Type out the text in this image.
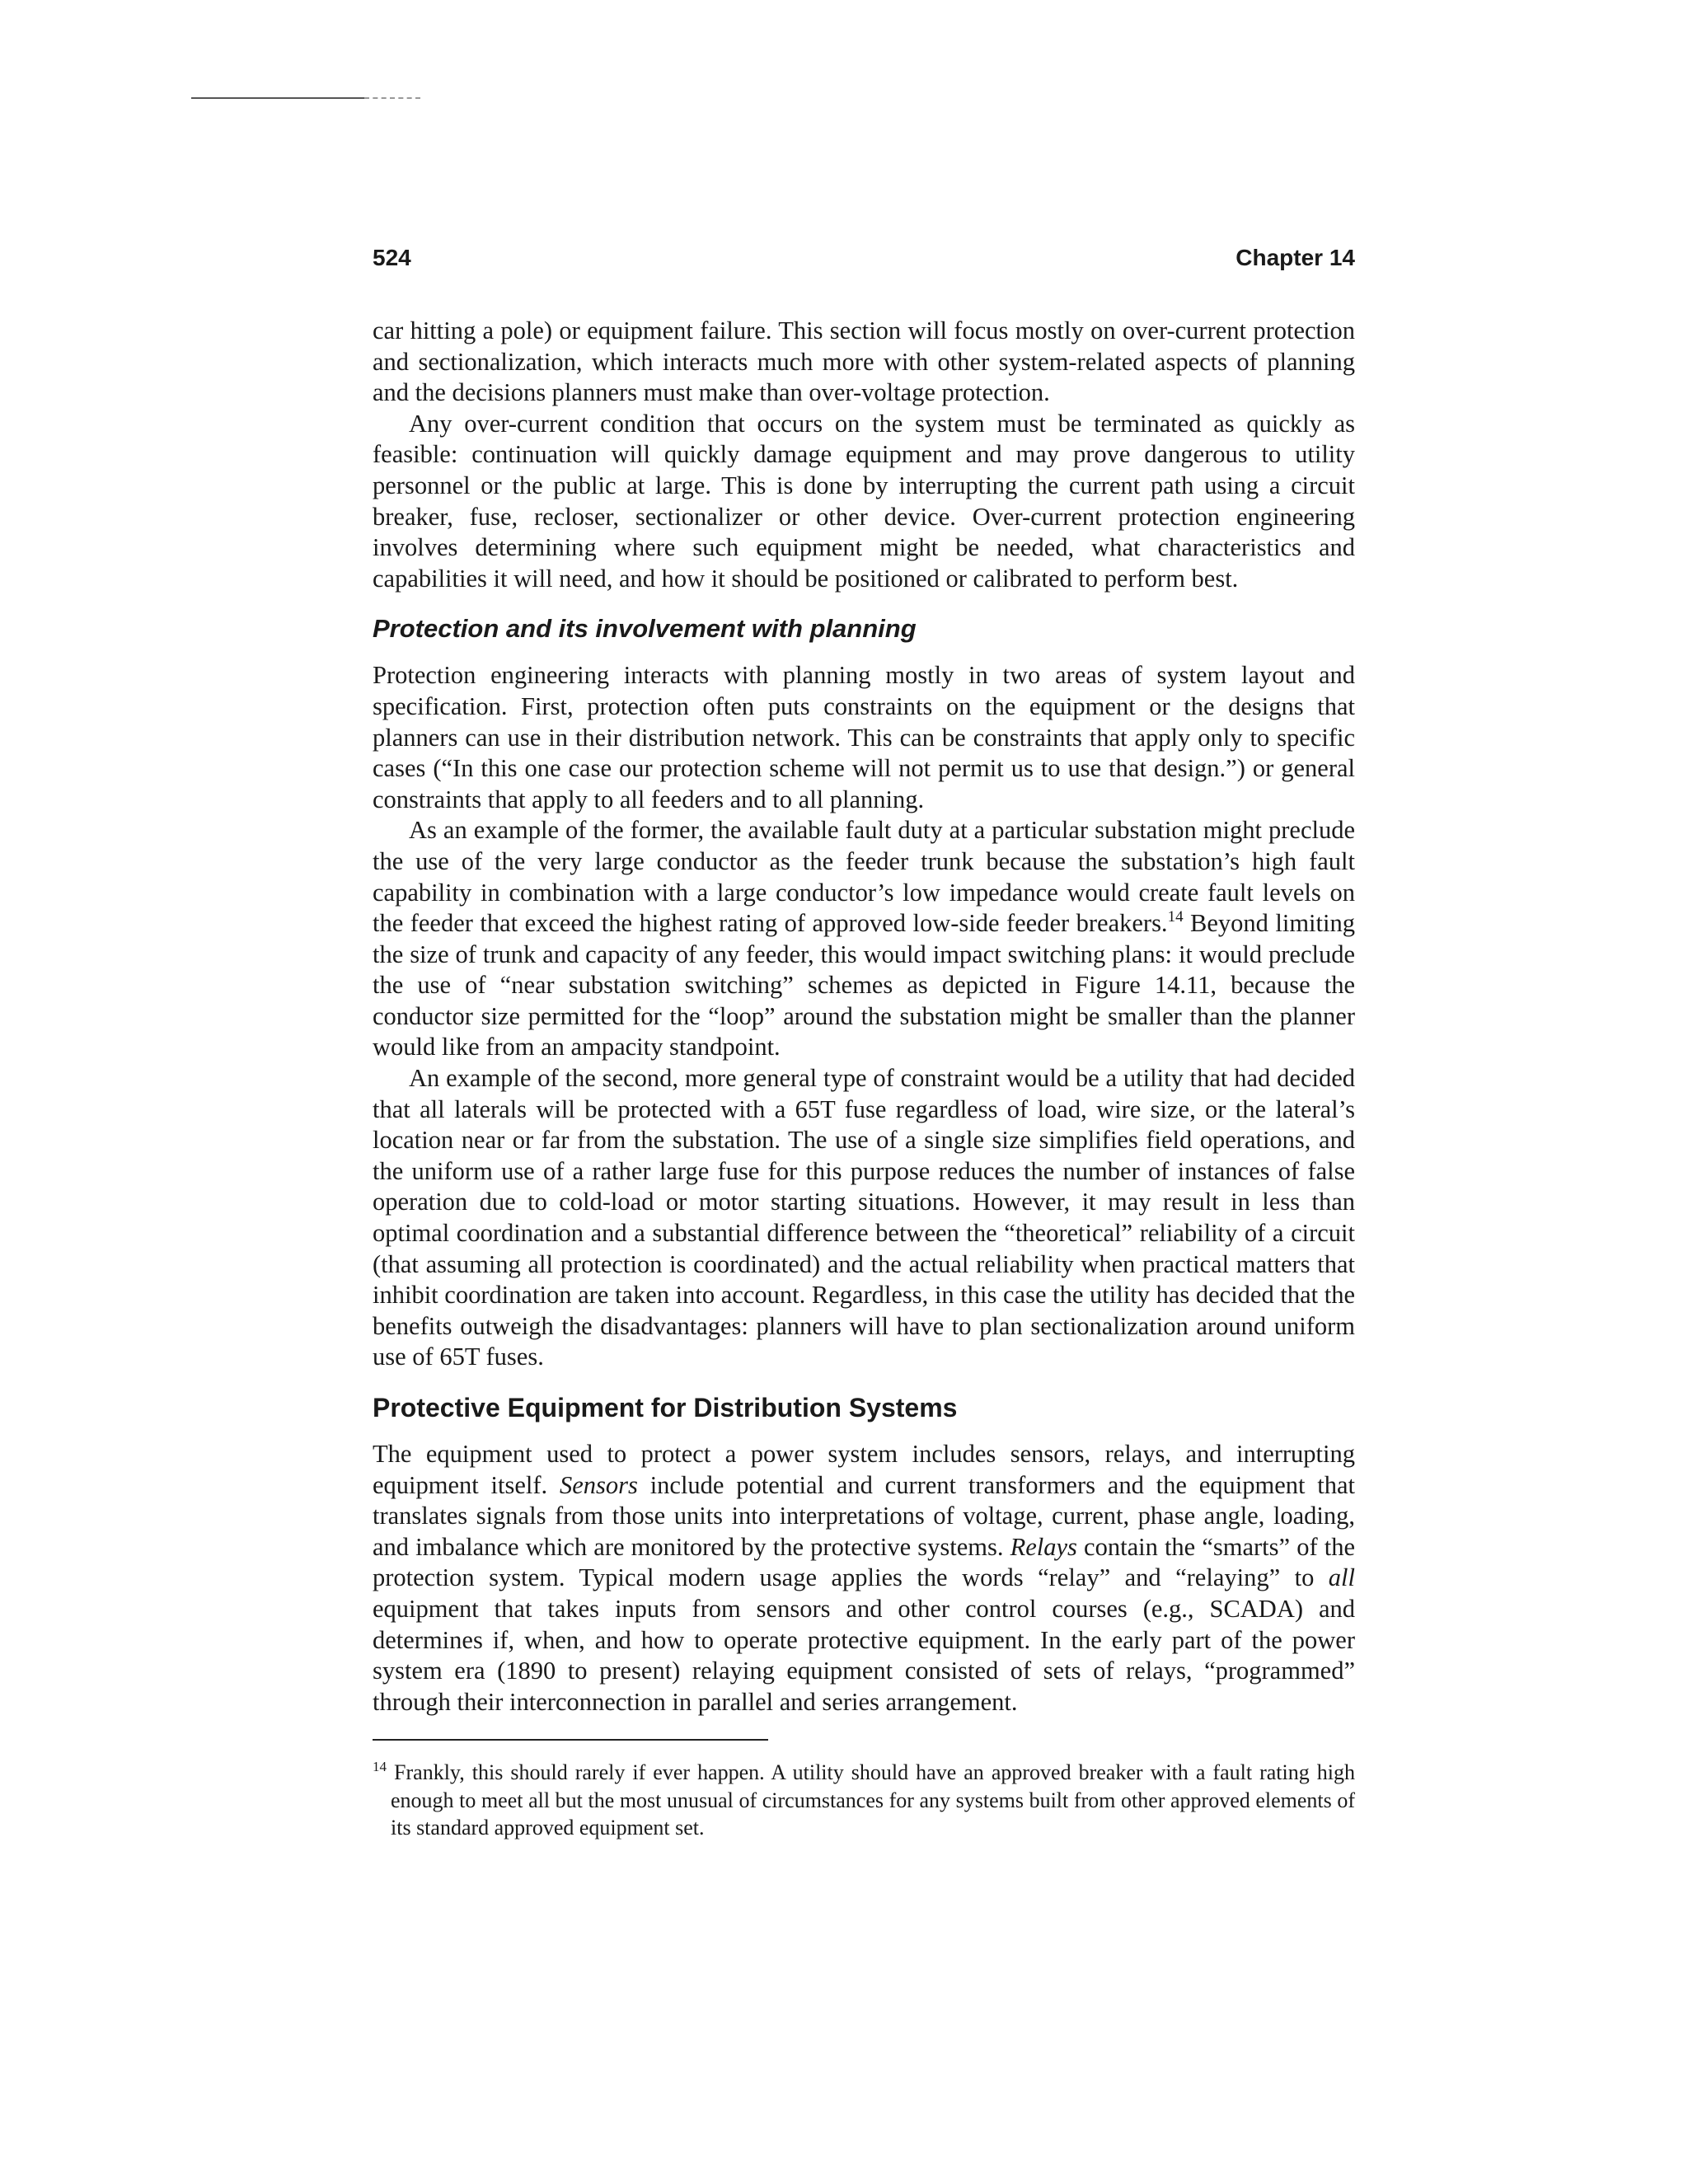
524	Chapter 14

car hitting a pole) or equipment failure. This section will focus mostly on over-current protection and sectionalization, which interacts much more with other system-related aspects of planning and the decisions planners must make than over-voltage protection.

Any over-current condition that occurs on the system must be terminated as quickly as feasible: continuation will quickly damage equipment and may prove dangerous to utility personnel or the public at large. This is done by interrupting the current path using a circuit breaker, fuse, recloser, sectionalizer or other device. Over-current protection engineering involves determining where such equipment might be needed, what characteristics and capabilities it will need, and how it should be positioned or calibrated to perform best.

Protection and its involvement with planning

Protection engineering interacts with planning mostly in two areas of system layout and specification. First, protection often puts constraints on the equipment or the designs that planners can use in their distribution network. This can be constraints that apply only to specific cases (“In this one case our protection scheme will not permit us to use that design.”) or general constraints that apply to all feeders and to all planning.

As an example of the former, the available fault duty at a particular substation might preclude the use of the very large conductor as the feeder trunk because the substation’s high fault capability in combination with a large conductor’s low impedance would create fault levels on the feeder that exceed the highest rating of approved low-side feeder breakers.$^{14}$ Beyond limiting the size of trunk and capacity of any feeder, this would impact switching plans: it would preclude the use of “near substation switching” schemes as depicted in Figure 14.11, because the conductor size permitted for the “loop” around the substation might be smaller than the planner would like from an ampacity standpoint.

An example of the second, more general type of constraint would be a utility that had decided that all laterals will be protected with a 65T fuse regardless of load, wire size, or the lateral’s location near or far from the substation. The use of a single size simplifies field operations, and the uniform use of a rather large fuse for this purpose reduces the number of instances of false operation due to cold-load or motor starting situations. However, it may result in less than optimal coordination and a substantial difference between the “theoretical” reliability of a circuit (that assuming all protection is coordinated) and the actual reliability when practical matters that inhibit coordination are taken into account. Regardless, in this case the utility has decided that the benefits outweigh the disadvantages: planners will have to plan sectionalization around uniform use of 65T fuses.

Protective Equipment for Distribution Systems

The equipment used to protect a power system includes sensors, relays, and interrupting equipment itself. Sensors include potential and current transformers and the equipment that translates signals from those units into interpretations of voltage, current, phase angle, loading, and imbalance which are monitored by the protective systems. Relays contain the “smarts” of the protection system. Typical modern usage applies the words “relay” and “relaying” to all equipment that takes inputs from sensors and other control courses (e.g., SCADA) and determines if, when, and how to operate protective equipment. In the early part of the power system era (1890 to present) relaying equipment consisted of sets of relays, “programmed” through their interconnection in parallel and series arrangement.

$^{14}$ Frankly, this should rarely if ever happen. A utility should have an approved breaker with a fault rating high enough to meet all but the most unusual of circumstances for any systems built from other approved elements of its standard approved equipment set.
